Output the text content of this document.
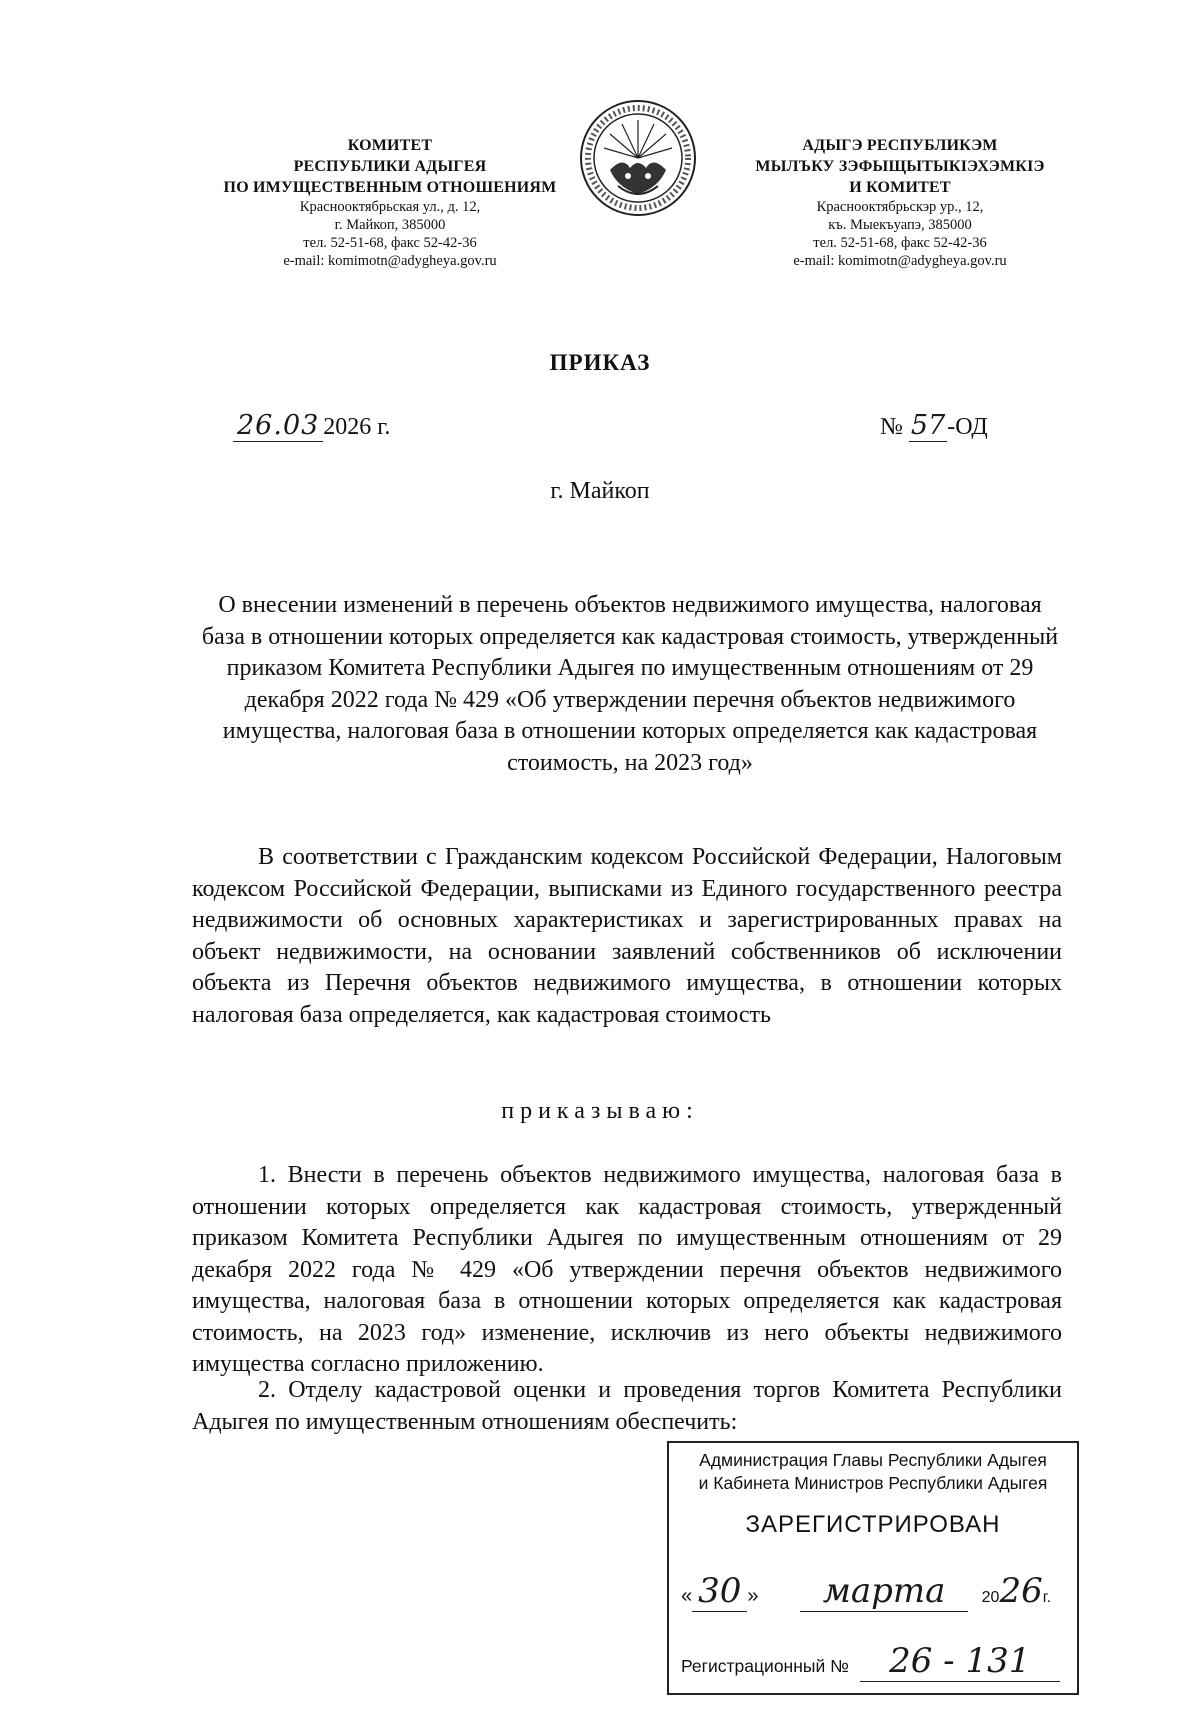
КОМИТЕТ
РЕСПУБЛИКИ АДЫГЕЯ
ПО ИМУЩЕСТВЕННЫМ ОТНОШЕНИЯМ
Краснооктябрьская ул., д. 12,
г. Майкоп, 385000
тел. 52-51-68, факс 52-42-36
e-mail: komimotn@adygheya.gov.ru
АДЫГЭ РЕСПУБЛИКЭМ
МЫЛЪКУ ЗЭФЫЩЫТЫКІЭХЭМКІЭ
И КОМИТЕТ
Краснооктябрьскэр ур., 12,
къ. Мыекъуапэ, 385000
тел. 52-51-68, факс 52-42-36
e-mail: komimotn@adygheya.gov.ru
ПРИКАЗ
26.03 2026 г.	№ 57-ОД
г. Майкоп
О внесении изменений в перечень объектов недвижимого имущества, налоговая база в отношении которых определяется как кадастровая стоимость, утвержденный приказом Комитета Республики Адыгея по имущественным отношениям от 29 декабря 2022 года № 429 «Об утверждении перечня объектов недвижимого имущества, налоговая база в отношении которых определяется как кадастровая стоимость, на 2023 год»
В соответствии с Гражданским кодексом Российской Федерации, Налоговым кодексом Российской Федерации, выписками из Единого государственного реестра недвижимости об основных характеристиках и зарегистрированных правах на объект недвижимости, на основании заявлений собственников об исключении объекта из Перечня объектов недвижимого имущества, в отношении которых налоговая база определяется, как кадастровая стоимость
приказываю:
1. Внести в перечень объектов недвижимого имущества, налоговая база в отношении которых определяется как кадастровая стоимость, утвержденный приказом Комитета Республики Адыгея по имущественным отношениям от 29 декабря 2022 года № 429 «Об утверждении перечня объектов недвижимого имущества, налоговая база в отношении которых определяется как кадастровая стоимость, на 2023 год» изменение, исключив из него объекты недвижимого имущества согласно приложению.
2. Отделу кадастровой оценки и проведения торгов Комитета Республики Адыгея по имущественным отношениям обеспечить:
Администрация Главы Республики Адыгея
и Кабинета Министров Республики Адыгея
ЗАРЕГИСТРИРОВАН
« 30 » марта 2026г.
Регистрационный № 26 - 131
